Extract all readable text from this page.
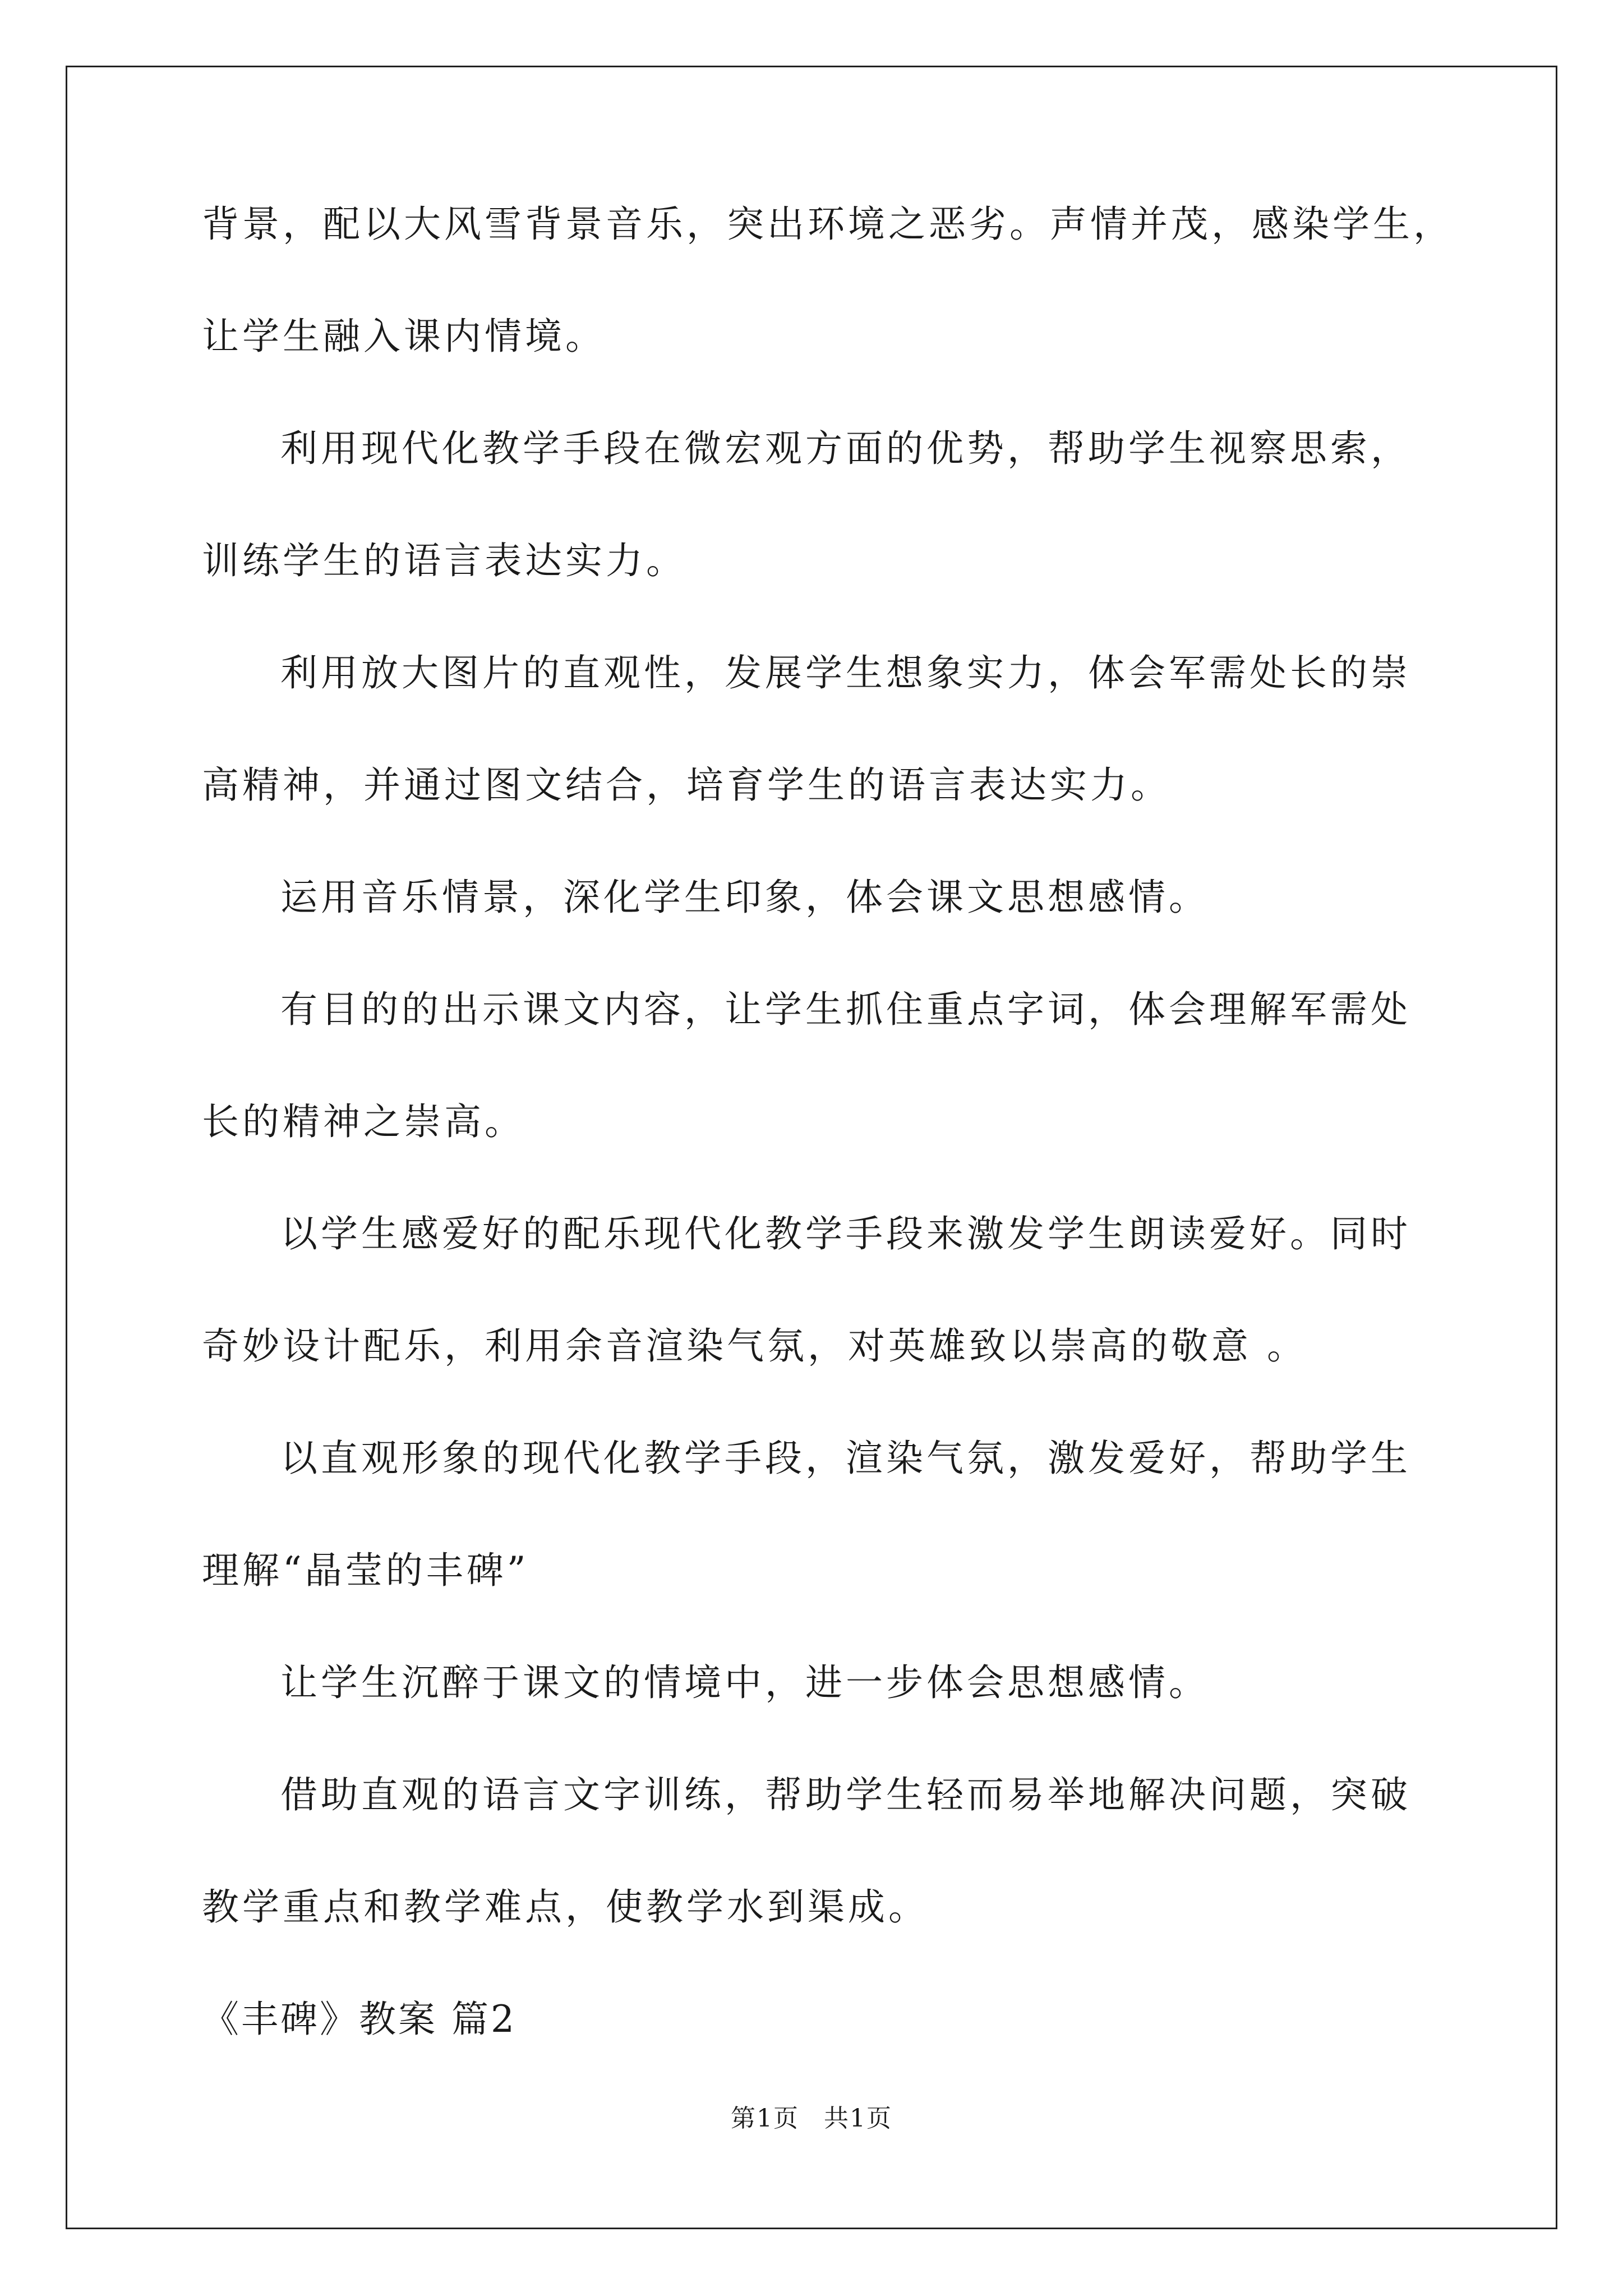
背景，配以大风雪背景音乐，突出环境之恶劣。声情并茂，感染学生，
让学生融入课内情境。
利用现代化教学手段在微宏观方面的优势，帮助学生视察思索，
训练学生的语言表达实力。
利用放大图片的直观性，发展学生想象实力，体会军需处长的崇
高精神，并通过图文结合，培育学生的语言表达实力。
运用音乐情景，深化学生印象，体会课文思想感情。
有目的的出示课文内容，让学生抓住重点字词，体会理解军需处
长的精神之崇高。
以学生感爱好的配乐现代化教学手段来激发学生朗读爱好。同时
奇妙设计配乐，利用余音渲染气氛，对英雄致以崇高的敬意 。
以直观形象的现代化教学手段，渲染气氛，激发爱好，帮助学生
理解“晶莹的丰碑”
让学生沉醉于课文的情境中，进一步体会思想感情。
借助直观的语言文字训练，帮助学生轻而易举地解决问题，突破
教学重点和教学难点，使教学水到渠成。
《丰碑》教案 篇2
第1页 共1页
